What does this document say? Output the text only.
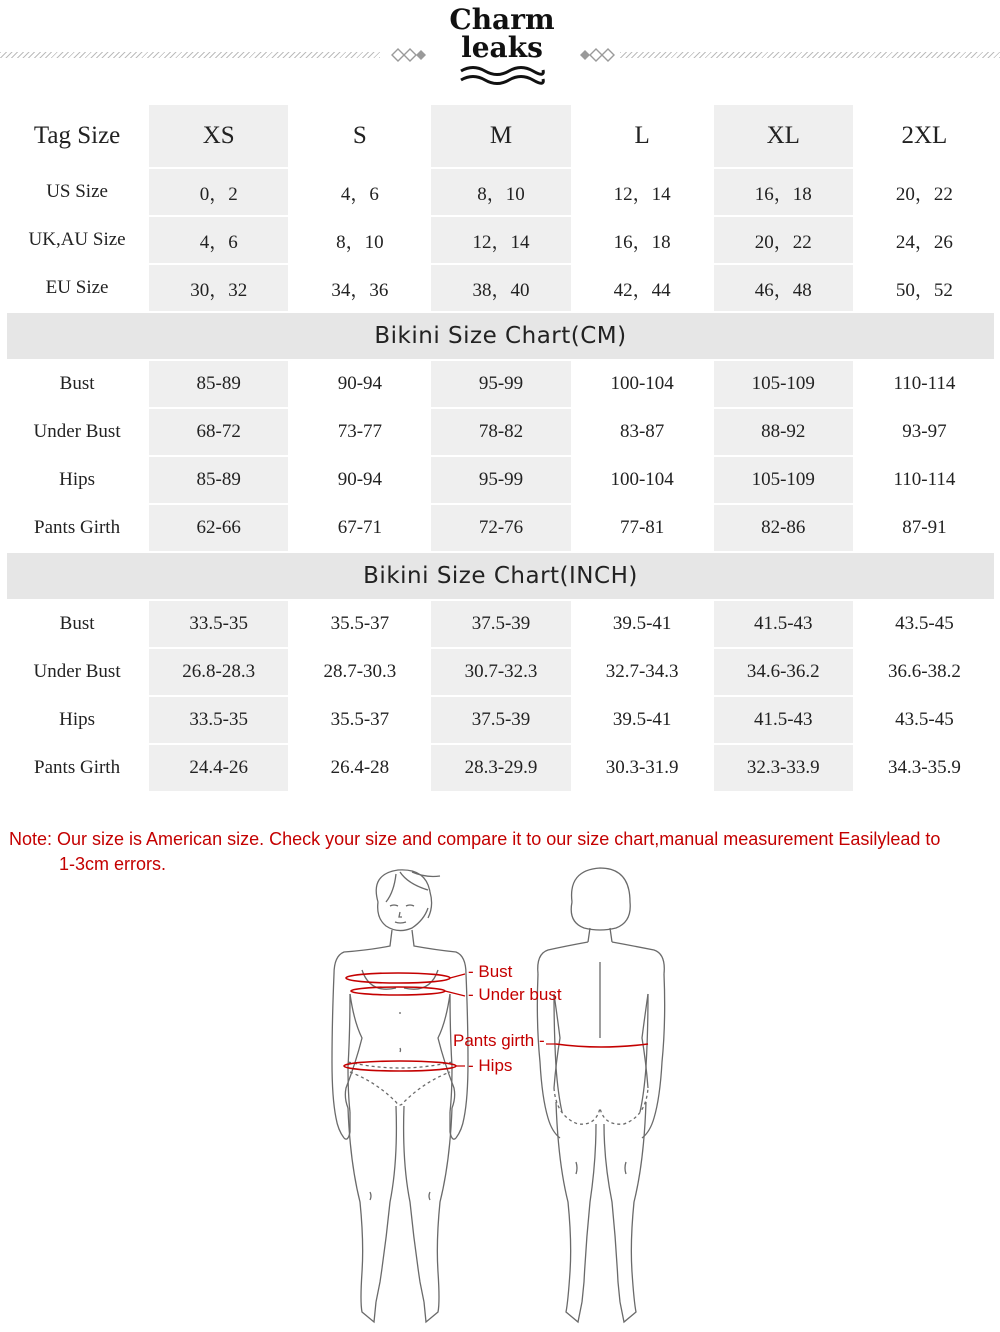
Charm
leaks
Tag Size	XS	S	M	L	XL	2XL
US Size	0，2	4，6	8，10	12，14	16，18	20，22
UK,AU Size	4，6	8，10	12，14	16，18	20，22	24，26
EU Size	30，32	34，36	38，40	42，44	46，48	50，52
Bikini Size Chart(CM)						
Bust	85-89	90-94	95-99	100-104	105-109	110-114
Under Bust	68-72	73-77	78-82	83-87	88-92	93-97
Hips	85-89	90-94	95-99	100-104	105-109	110-114
Pants Girth	62-66	67-71	72-76	77-81	82-86	87-91
Bikini Size Chart(INCH)						
Bust	33.5-35	35.5-37	37.5-39	39.5-41	41.5-43	43.5-45
Under Bust	26.8-28.3	28.7-30.3	30.7-32.3	32.7-34.3	34.6-36.2	36.6-38.2
Hips	33.5-35	35.5-37	37.5-39	39.5-41	41.5-43	43.5-45
Pants Girth	24.4-26	26.4-28	28.3-29.9	30.3-31.9	32.3-33.9	34.3-35.9
Note: Our size is American size. Check your size and compare it to our size chart,manual measurement Easilylead to
1-3cm errors.
- Bust
- Under bust
Pants girth -
- Hips
